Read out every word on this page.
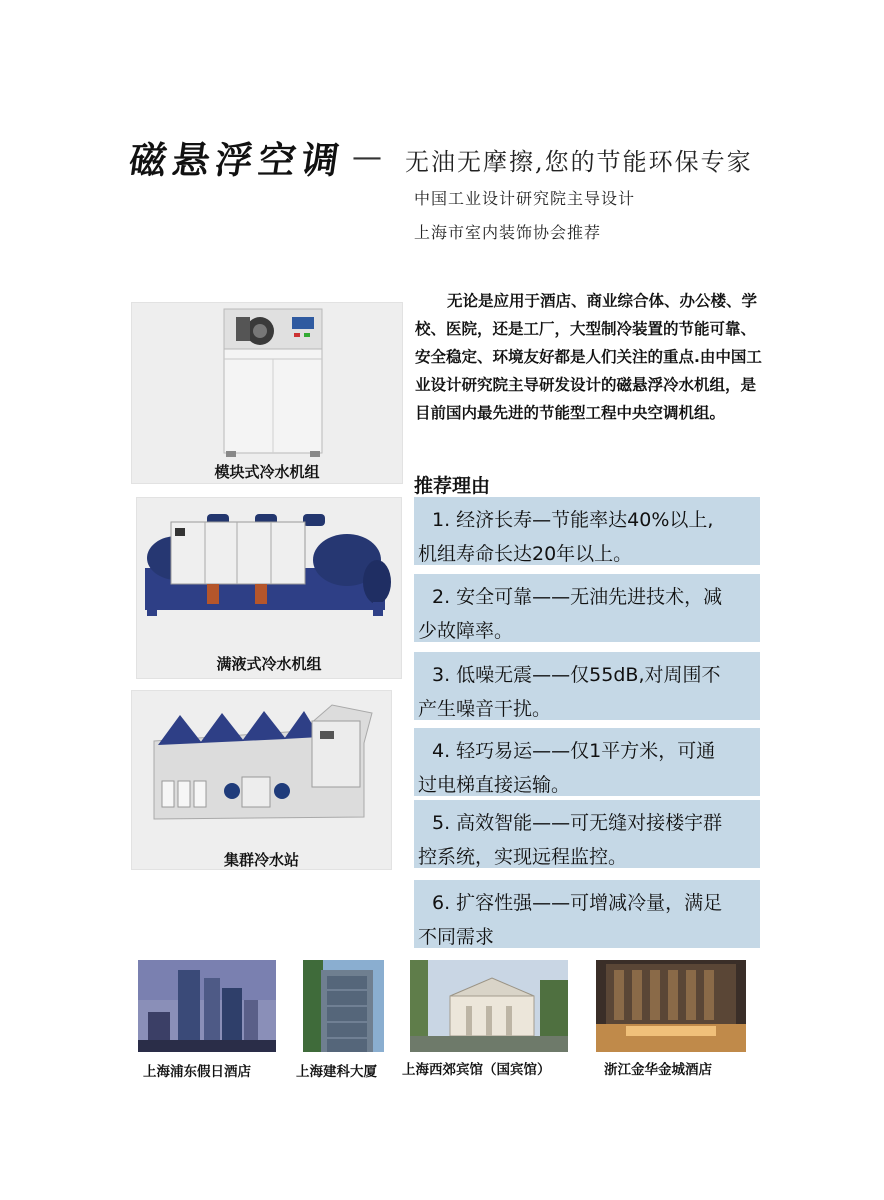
磁悬浮空调 — 无油无摩擦,您的节能环保专家
中国工业设计研究院主导设计
上海市室内装饰协会推荐

无论是应用于酒店、商业综合体、办公楼、学校、医院，还是工厂，大型制冷装置的节能可靠、安全稳定、环境友好都是人们关注的重点.由中国工业设计研究院主导研发设计的磁悬浮冷水机组，是目前国内最先进的节能型工程中央空调机组。

模块式冷水机组
满液式冷水机组
集群冷水站
推荐理由
1. 经济长寿—节能率达40%以上,
机组寿命长达20年以上。
2. 安全可靠——无油先进技术，减
少故障率。
3. 低噪无震——仅55dB,对周围不
产生噪音干扰。
4. 轻巧易运——仅1平方米，可通
过电梯直接运输。
5. 高效智能——可无缝对接楼宇群
控系统，实现远程监控。
6. 扩容性强——可增减冷量，满足
不同需求
上海浦东假日酒店	上海建科大厦 上海西郊宾馆（国宾馆）	浙江金华金城酒店
